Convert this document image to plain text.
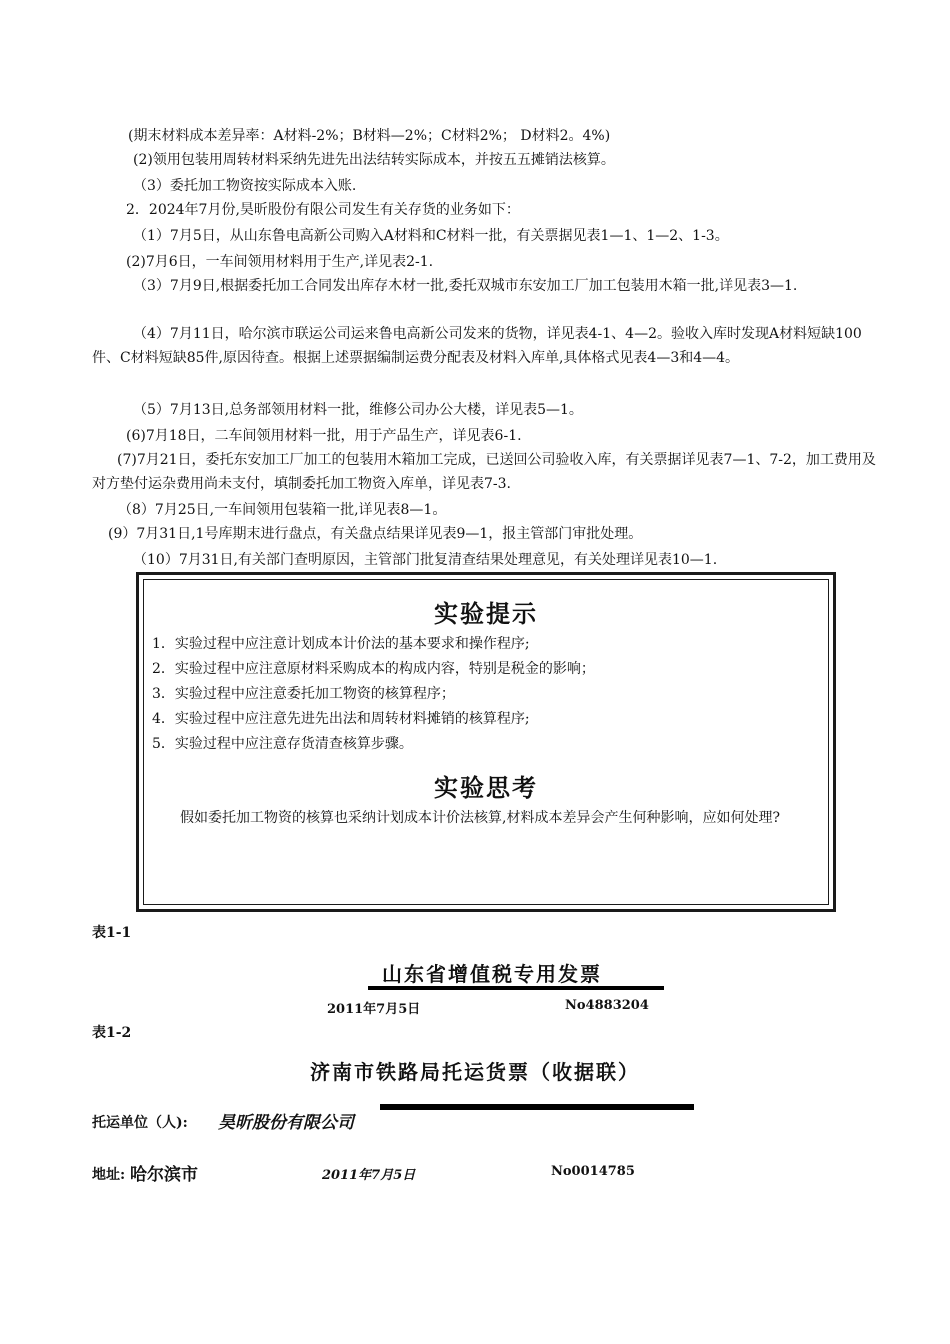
(期末材料成本差异率：A材料-2%；B材料—2%；C材料2%； D材料2。4%)
(2)领用包装用周转材料采纳先进先出法结转实际成本，并按五五摊销法核算。
（3）委托加工物资按实际成本入账.
2．2024年7月份,昊昕股份有限公司发生有关存货的业务如下：
（1）7月5日，从山东鲁电高新公司购入A材料和C材料一批，有关票据见表1—1、1—2、1-3。
(2)7月6日，一车间领用材料用于生产,详见表2-1.
（3）7月9日,根据委托加工合同发出库存木材一批,委托双城市东安加工厂加工包装用木箱一批,详见表3—1.
（4）7月11日，哈尔滨市联运公司运来鲁电高新公司发来的货物，详见表4-1、4—2。验收入库时发现A材料短缺100件、C材料短缺85件,原因待查。根据上述票据编制运费分配表及材料入库单,具体格式见表4—3和4—4。
（5）7月13日,总务部领用材料一批，维修公司办公大楼，详见表5—1。
(6)7月18日，二车间领用材料一批，用于产品生产，详见表6-1.
(7)7月21日，委托东安加工厂加工的包装用木箱加工完成，已送回公司验收入库，有关票据详见表7—1、7-2，加工费用及对方垫付运杂费用尚未支付，填制委托加工物资入库单，详见表7-3.
（8）7月25日,一车间领用包装箱一批,详见表8—1。
(9）7月31日,1号库期末进行盘点，有关盘点结果详见表9—1，报主管部门审批处理。
（10）7月31日,有关部门查明原因，主管部门批复清查结果处理意见，有关处理详见表10—1.
实验提示
1．实验过程中应注意计划成本计价法的基本要求和操作程序;
2．实验过程中应注意原材料采购成本的构成内容，特别是税金的影响；
3．实验过程中应注意委托加工物资的核算程序；
4．实验过程中应注意先进先出法和周转材料摊销的核算程序;
5．实验过程中应注意存货清查核算步骤。
实验思考
假如委托加工物资的核算也采纳计划成本计价法核算,材料成本差异会产生何种影响，应如何处理?
表1-1
山东省增值税专用发票
2011年7月5日	No4883204
表1-2
济南市铁路局托运货票（收据联）
托运单位（人): 昊昕股份有限公司
地址: 哈尔滨市	2011年7月5日	No0014785
